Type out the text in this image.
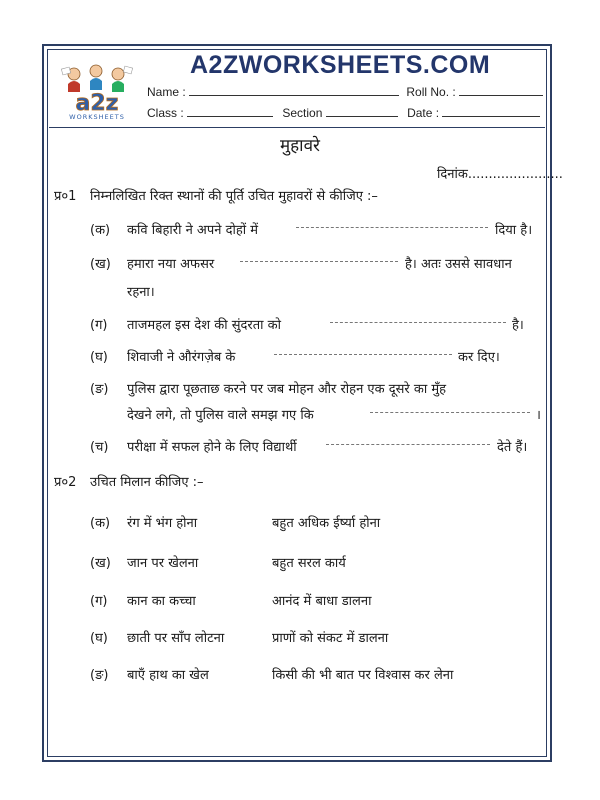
a2z
WORKSHEETS
A2ZWORKSHEETS.COM
Name :	Roll No. :
Class :	Section	Date :
मुहावरे
दिनांक.......................
प्र०1 निम्नलिखित रिक्त स्थानों की पूर्ति उचित मुहावरों से कीजिए :–
(क) कवि बिहारी ने अपने दोहों में	दिया है।
(ख) हमारा नया अफसर	है। अतः उससे सावधान
रहना।
(ग) ताजमहल इस देश की सुंदरता को	है।
(घ) शिवाजी ने औरंगज़ेब के	कर दिए।
(ङ) पुलिस द्वारा पूछताछ करने पर जब मोहन और रोहन एक दूसरे का मुँह
देखने लगे, तो पुलिस वाले समझ गए कि	।
(च) परीक्षा में सफल होने के लिए विद्यार्थी	देते हैं।
प्र०2 उचित मिलान कीजिए :–
(क) रंग में भंग होना	बहुत अधिक ईर्ष्या होना
(ख) जान पर खेलना	बहुत सरल कार्य
(ग) कान का कच्चा	आनंद में बाधा डालना
(घ) छाती पर साँप लोटना	प्राणों को संकट में डालना
(ङ) बाएँ हाथ का खेल	किसी की भी बात पर विश्वास कर लेना
